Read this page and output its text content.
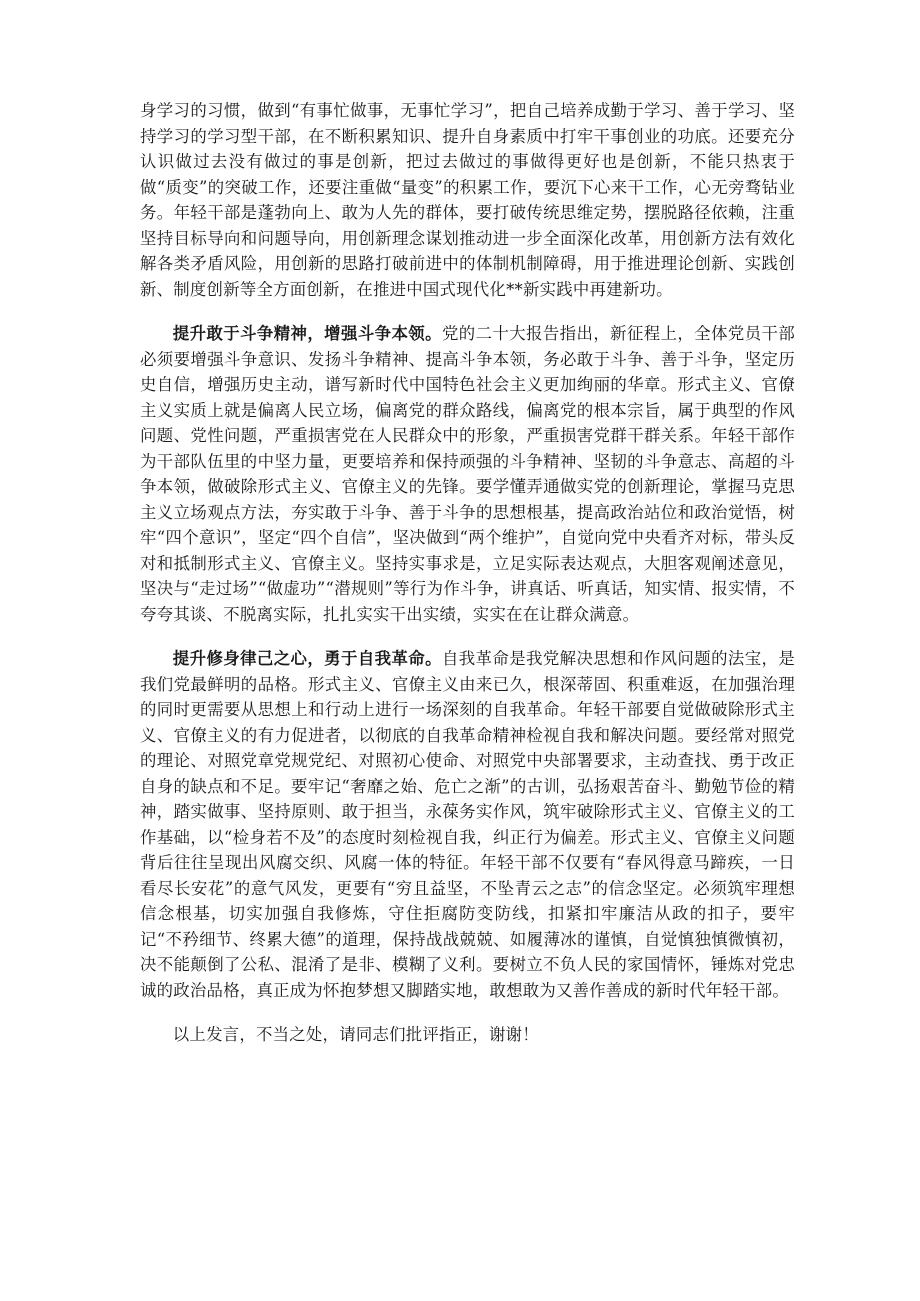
身学习的习惯，做到“有事忙做事，无事忙学习”，把自己培养成勤于学习、善于学习、坚持学习的学习型干部，在不断积累知识、提升自身素质中打牢干事创业的功底。还要充分认识做过去没有做过的事是创新，把过去做过的事做得更好也是创新，不能只热衷于做“质变”的突破工作，还要注重做“量变”的积累工作，要沉下心来干工作，心无旁骛钻业务。年轻干部是蓬勃向上、敢为人先的群体，要打破传统思维定势，摆脱路径依赖，注重坚持目标导向和问题导向，用创新理念谋划推动进一步全面深化改革，用创新方法有效化解各类矛盾风险，用创新的思路打破前进中的体制机制障碍，用于推进理论创新、实践创新、制度创新等全方面创新，在推进中国式现代化**新实践中再建新功。

提升敢于斗争精神，增强斗争本领。党的二十大报告指出，新征程上，全体党员干部必须要增强斗争意识、发扬斗争精神、提高斗争本领，务必敢于斗争、善于斗争，坚定历史自信，增强历史主动，谱写新时代中国特色社会主义更加绚丽的华章。形式主义、官僚主义实质上就是偏离人民立场，偏离党的群众路线，偏离党的根本宗旨，属于典型的作风问题、党性问题，严重损害党在人民群众中的形象，严重损害党群干群关系。年轻干部作为干部队伍里的中坚力量，更要培养和保持顽强的斗争精神、坚韧的斗争意志、高超的斗争本领，做破除形式主义、官僚主义的先锋。要学懂弄通做实党的创新理论，掌握马克思主义立场观点方法，夯实敢于斗争、善于斗争的思想根基，提高政治站位和政治觉悟，树牢“四个意识”，坚定“四个自信”，坚决做到“两个维护”，自觉向党中央看齐对标，带头反对和抵制形式主义、官僚主义。坚持实事求是，立足实际表达观点，大胆客观阐述意见，坚决与“走过场”“做虚功”“潜规则”等行为作斗争，讲真话、听真话，知实情、报实情，不夸夸其谈、不脱离实际，扎扎实实干出实绩，实实在在让群众满意。

提升修身律己之心，勇于自我革命。自我革命是我党解决思想和作风问题的法宝，是我们党最鲜明的品格。形式主义、官僚主义由来已久，根深蒂固、积重难返，在加强治理的同时更需要从思想上和行动上进行一场深刻的自我革命。年轻干部要自觉做破除形式主义、官僚主义的有力促进者，以彻底的自我革命精神检视自我和解决问题。要经常对照党的理论、对照党章党规党纪、对照初心使命、对照党中央部署要求，主动查找、勇于改正自身的缺点和不足。要牢记“奢靡之始、危亡之渐”的古训，弘扬艰苦奋斗、勤勉节俭的精神，踏实做事、坚持原则、敢于担当，永葆务实作风，筑牢破除形式主义、官僚主义的工作基础，以“检身若不及”的态度时刻检视自我，纠正行为偏差。形式主义、官僚主义问题背后往往呈现出风腐交织、风腐一体的特征。年轻干部不仅要有“春风得意马蹄疾，一日看尽长安花”的意气风发，更要有“穷且益坚，不坠青云之志”的信念坚定。必须筑牢理想信念根基，切实加强自我修炼，守住拒腐防变防线，扣紧扣牢廉洁从政的扣子，要牢记“不矜细节、终累大德”的道理，保持战战兢兢、如履薄冰的谨慎，自觉慎独慎微慎初，决不能颠倒了公私、混淆了是非、模糊了义利。要树立不负人民的家国情怀，锤炼对党忠诚的政治品格，真正成为怀抱梦想又脚踏实地，敢想敢为又善作善成的新时代年轻干部。

以上发言，不当之处，请同志们批评指正，谢谢！
